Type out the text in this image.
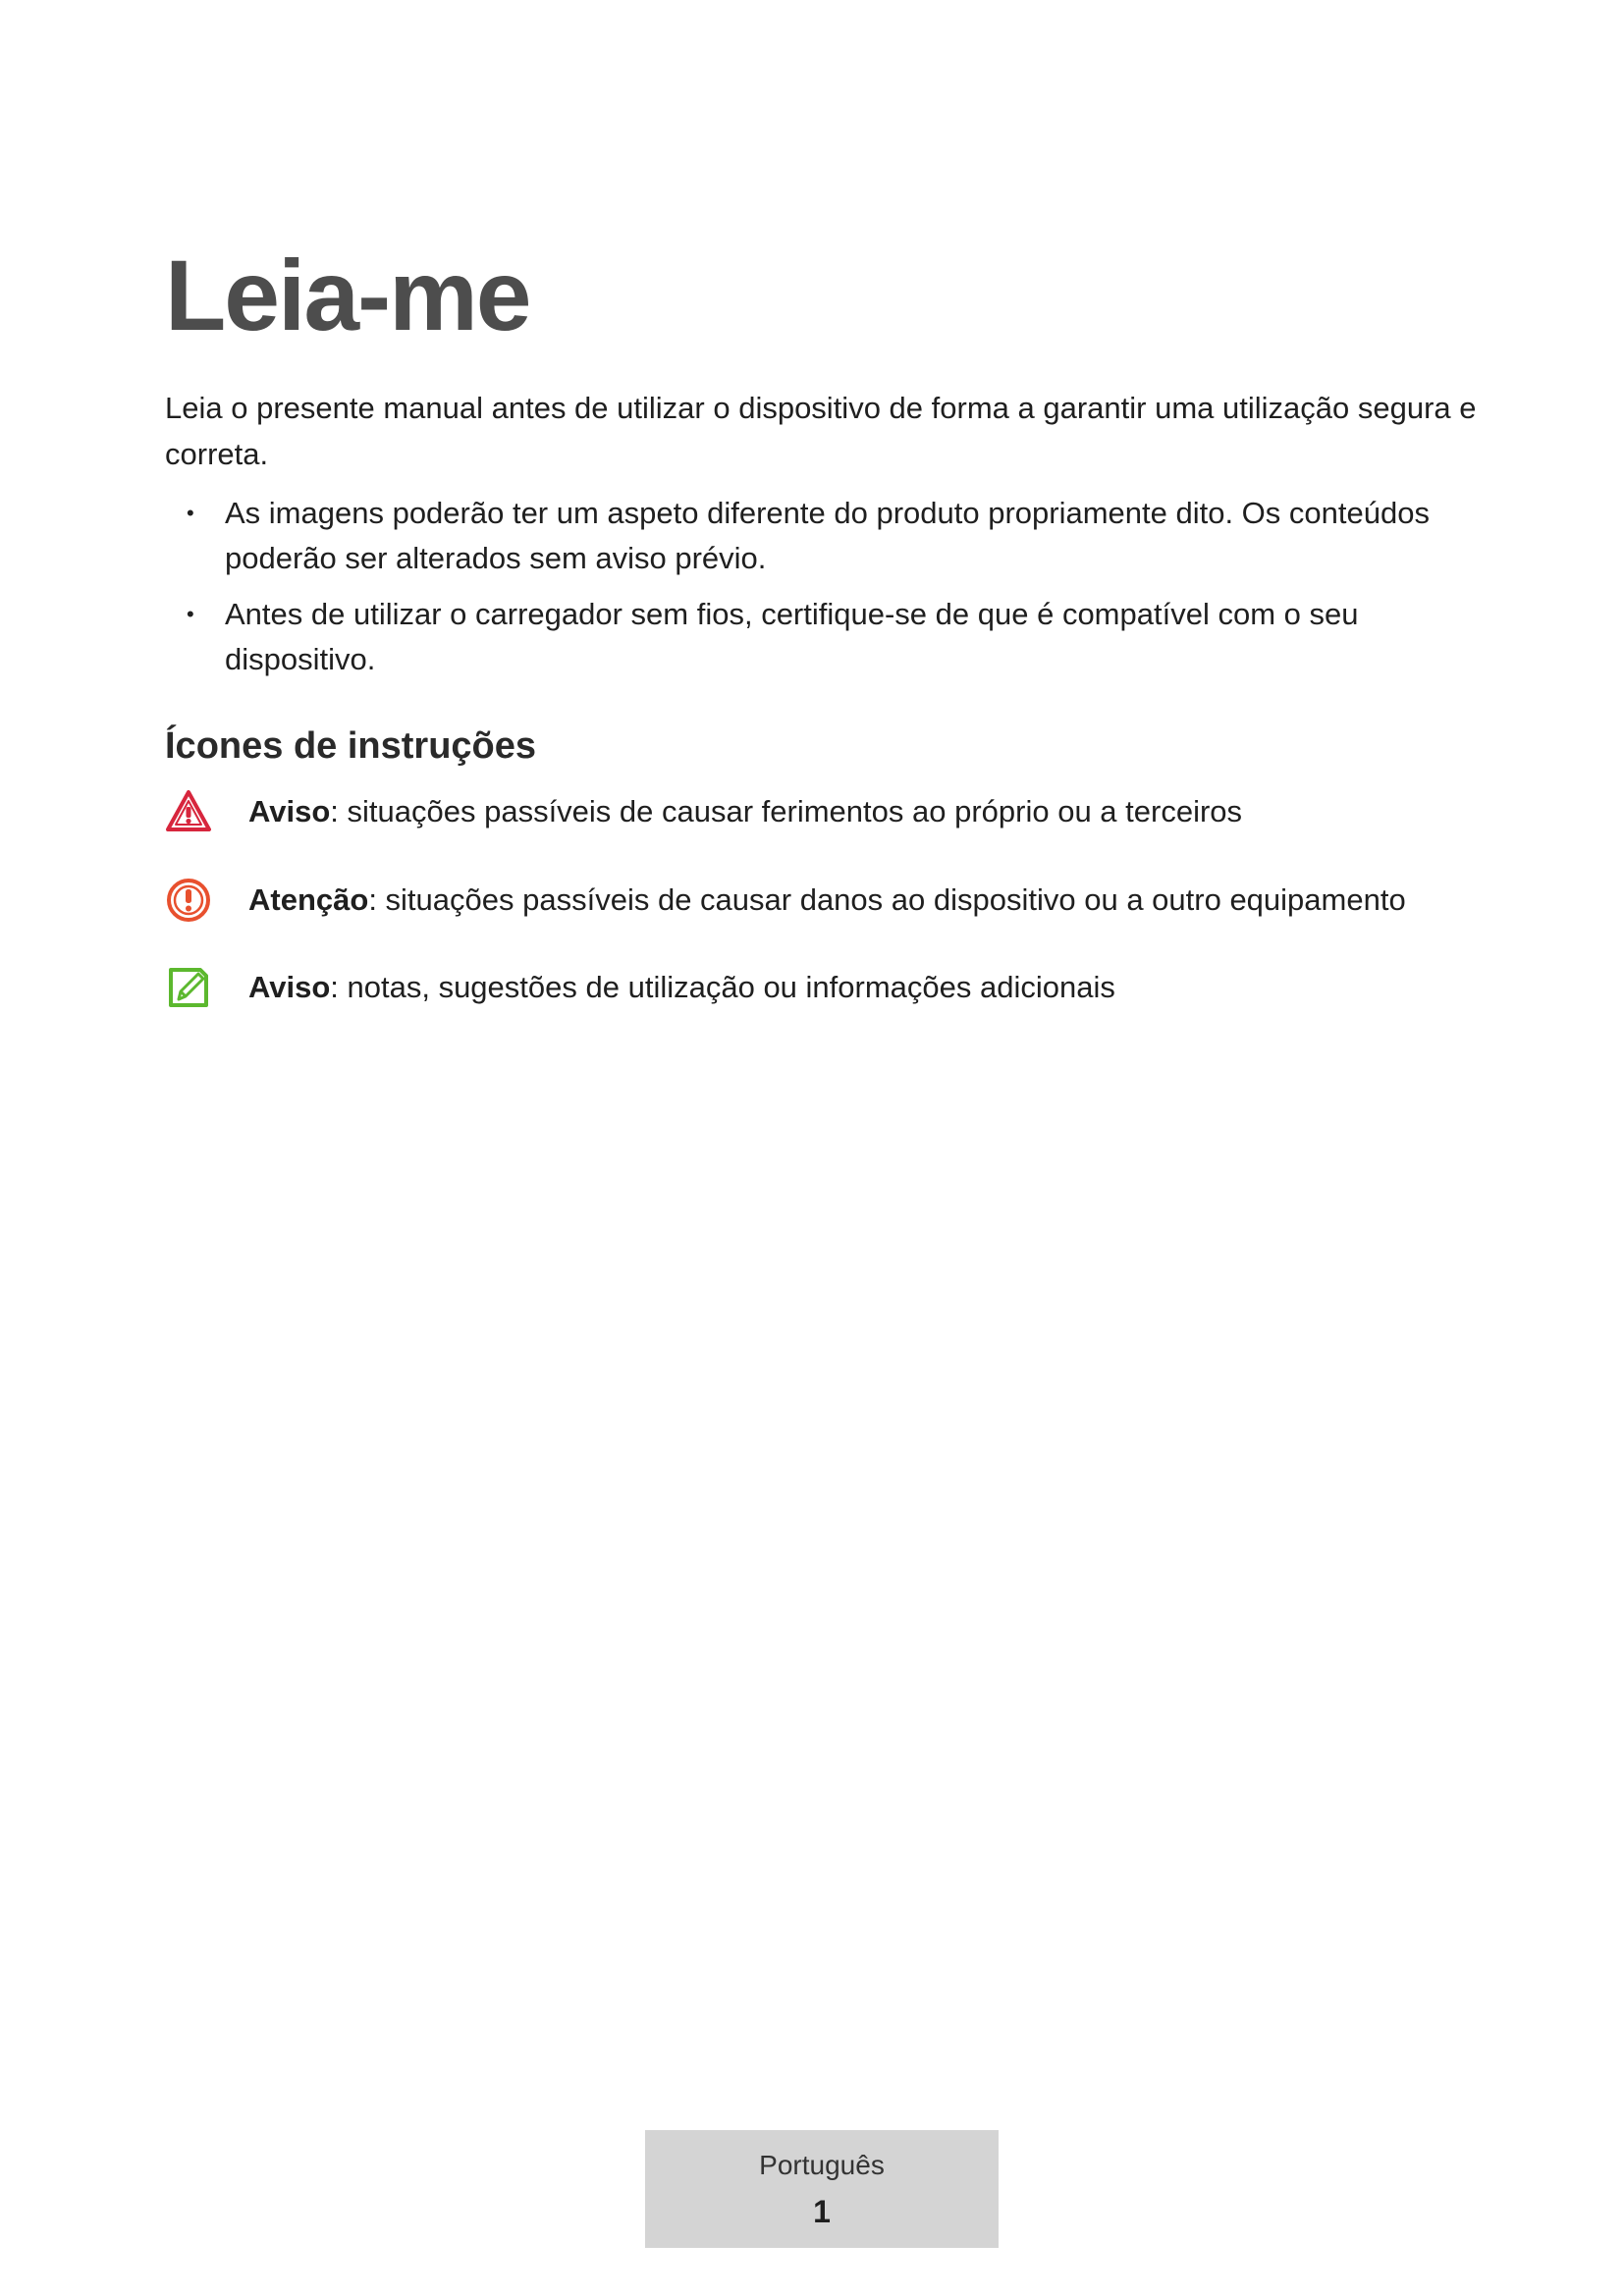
Leia-me

Leia o presente manual antes de utilizar o dispositivo de forma a garantir uma utilização segura e correta.

• As imagens poderão ter um aspeto diferente do produto propriamente dito. Os conteúdos poderão ser alterados sem aviso prévio.
• Antes de utilizar o carregador sem fios, certifique-se de que é compatível com o seu dispositivo.
Ícones de instruções
Aviso: situações passíveis de causar ferimentos ao próprio ou a terceiros
Atenção: situações passíveis de causar danos ao dispositivo ou a outro equipamento
Aviso: notas, sugestões de utilização ou informações adicionais
Português
1
